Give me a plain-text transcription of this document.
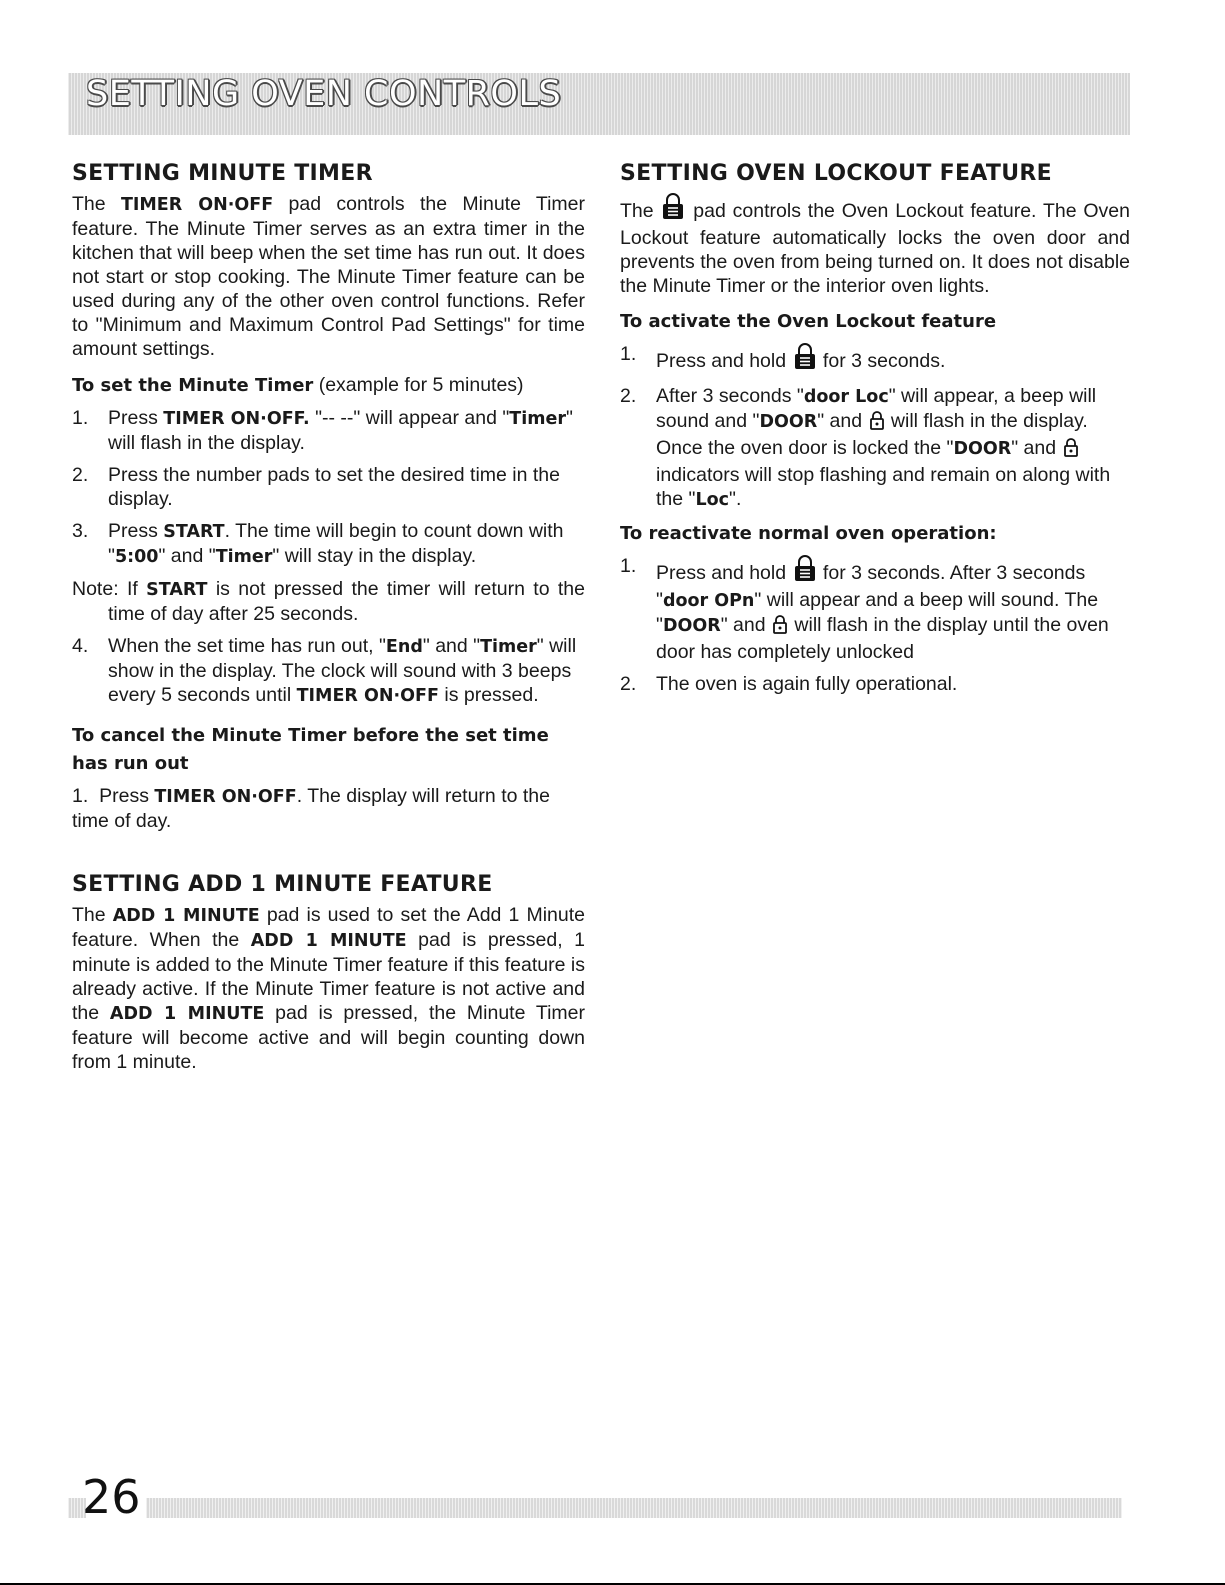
SETTING OVEN CONTROLS
SETTING MINUTE TIMER

The TIMER ON·OFF pad controls the Minute Timer feature. The Minute Timer serves as an extra timer in the kitchen that will beep when the set time has run out. It does not start or stop cooking. The Minute Timer feature can be used during any of the other oven control functions. Refer to "Minimum and Maximum Control Pad Settings" for time amount settings.

To set the Minute Timer (example for 5 minutes)
1.	Press TIMER ON·OFF. "-- --" will appear and "Timer" will flash in the display.
2.	Press the number pads to set the desired time in the display.
3.	Press START. The time will begin to count down with "5:00" and "Timer" will stay in the display.

Note: If START is not pressed the timer will return to the time of day after 25 seconds.

4.	When the set time has run out, "End" and "Timer" will show in the display. The clock will sound with 3 beeps every 5 seconds until TIMER ON·OFF is pressed.
To cancel the Minute Timer before the set time has run out

1. Press TIMER ON·OFF. The display will return to the time of day.

SETTING ADD 1 MINUTE FEATURE

The ADD 1 MINUTE pad is used to set the Add 1 Minute feature. When the ADD 1 MINUTE pad is pressed, 1 minute is added to the Minute Timer feature if this feature is already active. If the Minute Timer feature is not active and the ADD 1 MINUTE pad is pressed, the Minute Timer feature will become active and will begin counting down from 1 minute.

SETTING OVEN LOCKOUT FEATURE

The  pad controls the Oven Lockout feature. The Oven Lockout feature automatically locks the oven door and prevents the oven from being turned on. It does not disable the Minute Timer or the interior oven lights.

To activate the Oven Lockout feature
1.	Press and hold  for 3 seconds.
2.	After 3 seconds "door Loc" will appear, a beep will sound and "DOOR" and  will flash in the display. Once the oven door is locked the "DOOR" and  indicators will stop flashing and remain on along with the "Loc".
To reactivate normal oven operation:
1.	Press and hold  for 3 seconds. After 3 seconds "door OPn" will appear and a beep will sound. The "DOOR" and  will flash in the display until the oven door has completely unlocked
2.	The oven is again fully operational.

26
